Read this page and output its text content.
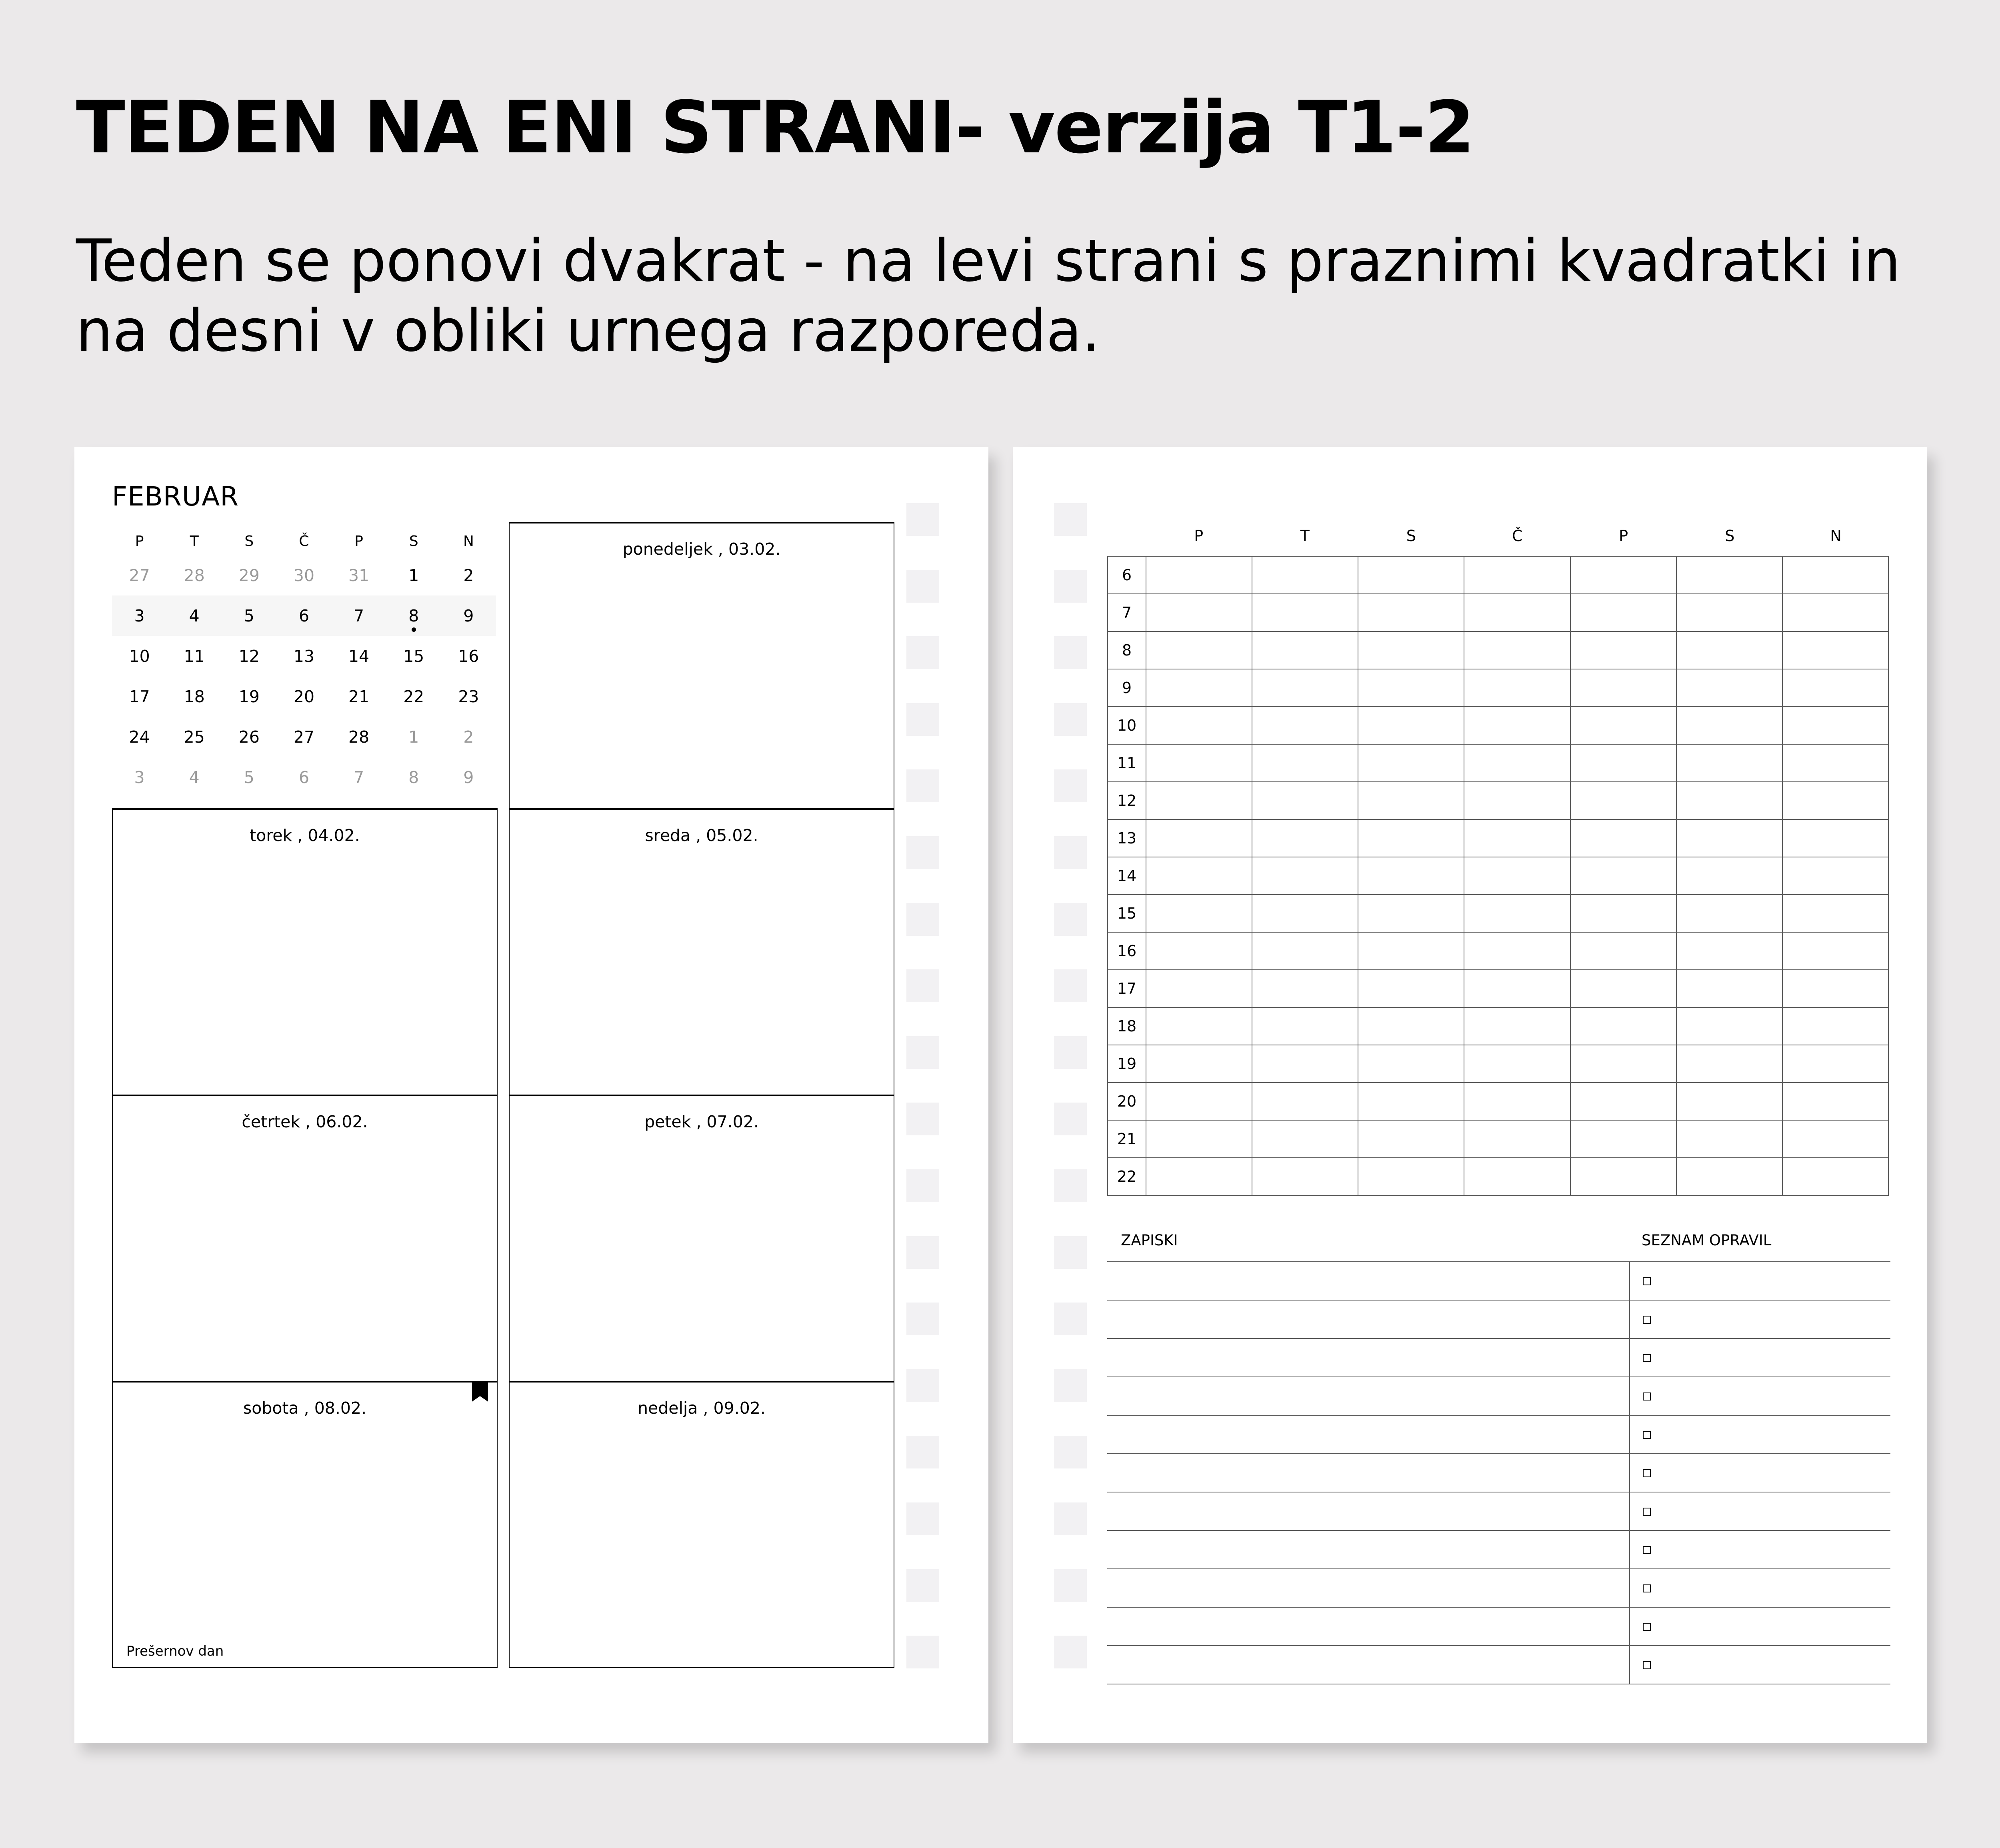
TEDEN NA ENI STRANI- verzija T1-2

Teden se ponovi dvakrat - na levi strani s praznimi kvadratki in na desni v obliki urnega razporeda.

FEBRUAR
P	T	S	Č	P	S	N
27	28	29	30	31	1	2
3	4	5	6	7	8	9
10	11	12	13	14	15	16
17	18	19	20	21	22	23
24	25	26	27	28	1	2
3	4	5	6	7	8	9
ponedeljek , 03.02.
torek , 04.02.	sreda , 05.02.
četrtek , 06.02.	petek , 07.02.
sobota , 08.02.
Prešernov dan
nedelja , 09.02.
P	T	S	Č	P	S	N
6							
7							
8							
9							
10							
11							
12							
13							
14							
15							
16							
17							
18							
19							
20							
21							
22							
ZAPISKI	SEZNAM OPRAVIL
